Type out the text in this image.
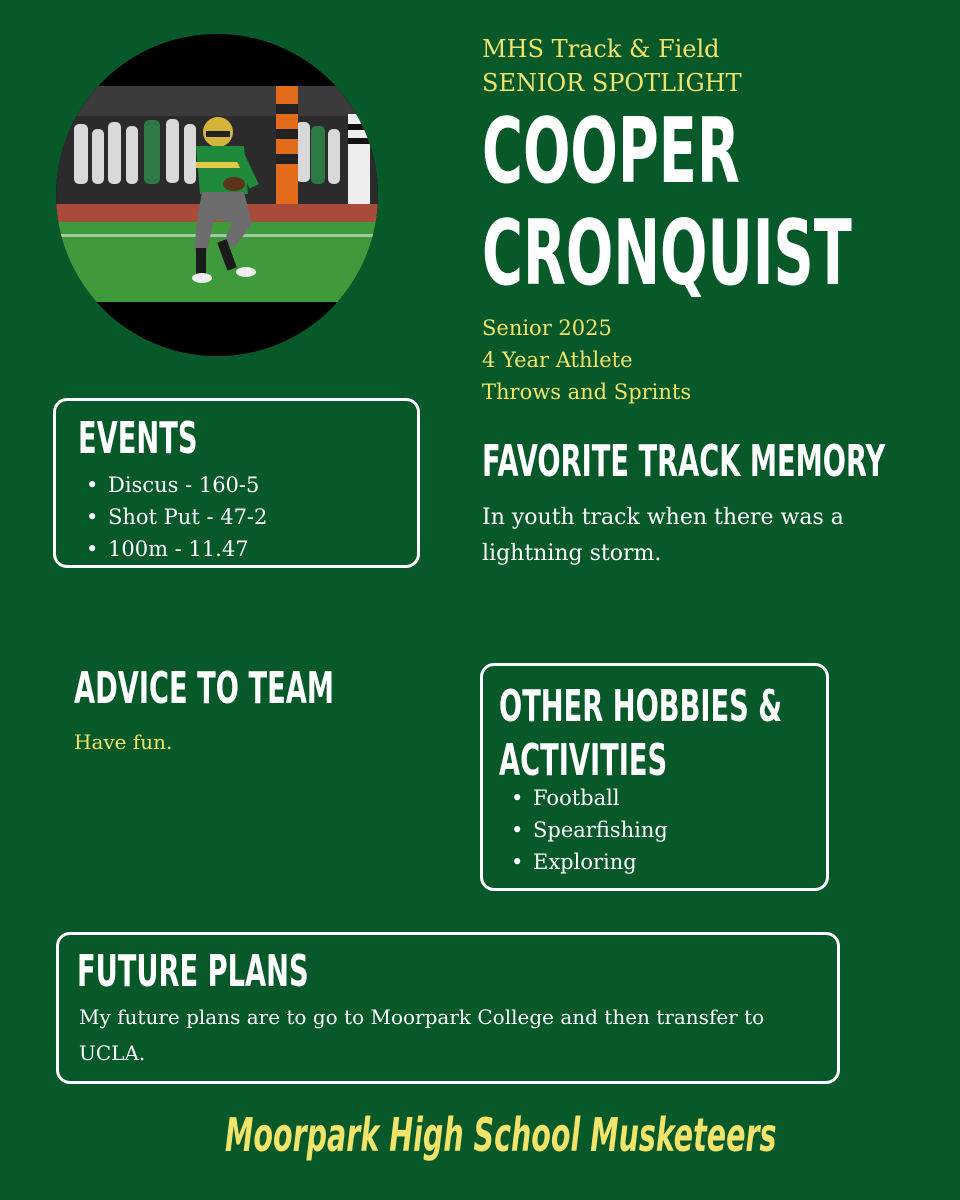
MHS Track & Field
SENIOR SPOTLIGHT
COOPER
CRONQUIST
Senior 2025
4 Year Athlete
Throws and Sprints
EVENTS
• Discus - 160-5
• Shot Put - 47-2
• 100m - 11.47
FAVORITE TRACK MEMORY
In youth track when there was a lightning storm.
ADVICE TO TEAM
Have fun.
OTHER HOBBIES &
ACTIVITIES
• Football
• Spearfishing
• Exploring
FUTURE PLANS
My future plans are to go to Moorpark College and then transfer to UCLA.
Moorpark High School Musketeers
